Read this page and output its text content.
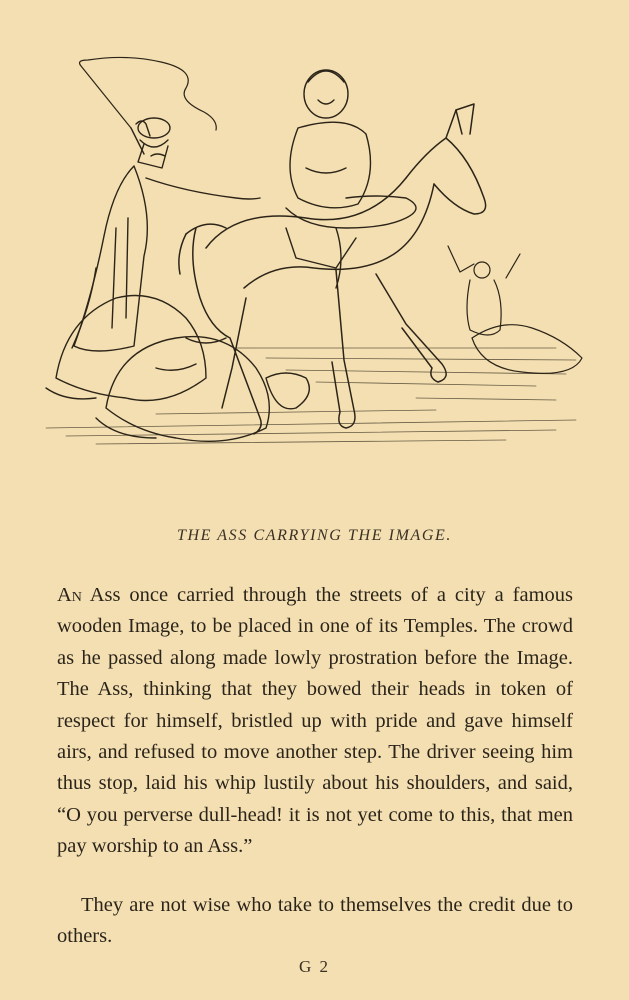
THE ASS CARRYING THE IMAGE.

An Ass once carried through the streets of a city a famous wooden Image, to be placed in one of its Temples. The crowd as he passed along made lowly prostration before the Image. The Ass, thinking that they bowed their heads in token of respect for himself, bristled up with pride and gave himself airs, and refused to move another step. The driver seeing him thus stop, laid his whip lustily about his shoulders, and said, “O you perverse dull-head! it is not yet come to this, that men pay worship to an Ass.”

They are not wise who take to themselves the credit due to others.
G 2
